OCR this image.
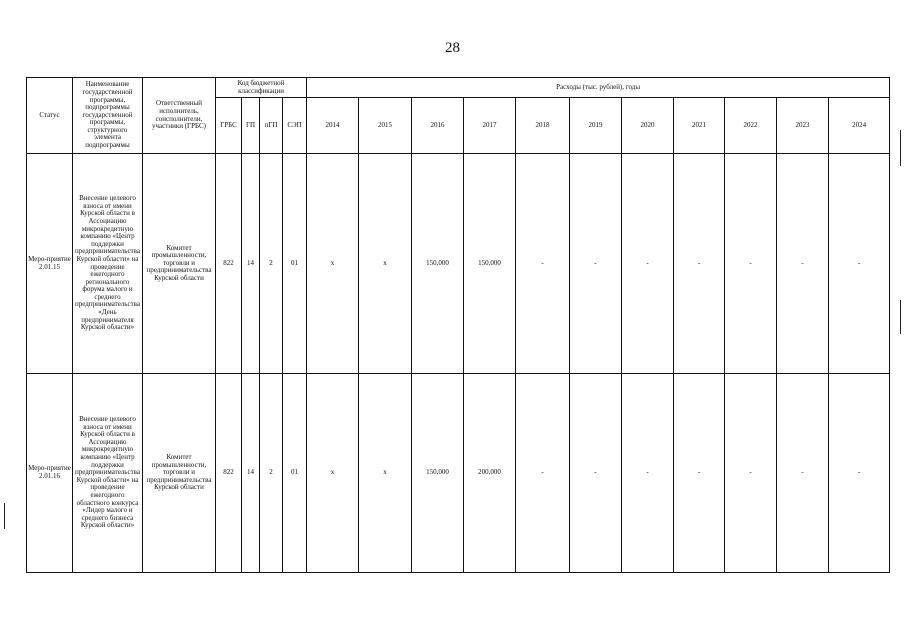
28
Статус	Наименование государственной программы, подпрограммы государственной программы, структурного элемента подпрограммы	Ответственный исполнитель, соисполнители, участники (ГРБС)	Код бюджетной классификации				Расходы (тыс. рублей), годы										
			ГРБС	ГП	пГП	СЭП	2014	2015	2016	2017	2018	2019	2020	2021	2022	2023	2024
Меро-приятие 2.01.15	Внесение целевого взноса от имени Курской области в Ассоциацию микрокредитную компанию «Центр поддержки предпринимательства Курской области» на проведение ежегодного регионального форума малого и среднего предпринимательства «День предпринимателя Курской области»	Комитет промышленности, торговли и предпринимательства Курской области	822	14	2	01	x	x	150,000	150,000	-	-	-	-	-	-	-
Меро-приятие 2.01.16	Внесение целевого взноса от имени Курской области в Ассоциацию микрокредитную компанию «Центр поддержки предпринимательства Курской области» на проведение ежегодного областного конкурса «Лидер малого и среднего бизнеса Курской области»	Комитет промышленности, торговли и предпринимательства Курской области	822	14	2	01	x	x	150,000	200,000	-	-	-	-	-	-	-
